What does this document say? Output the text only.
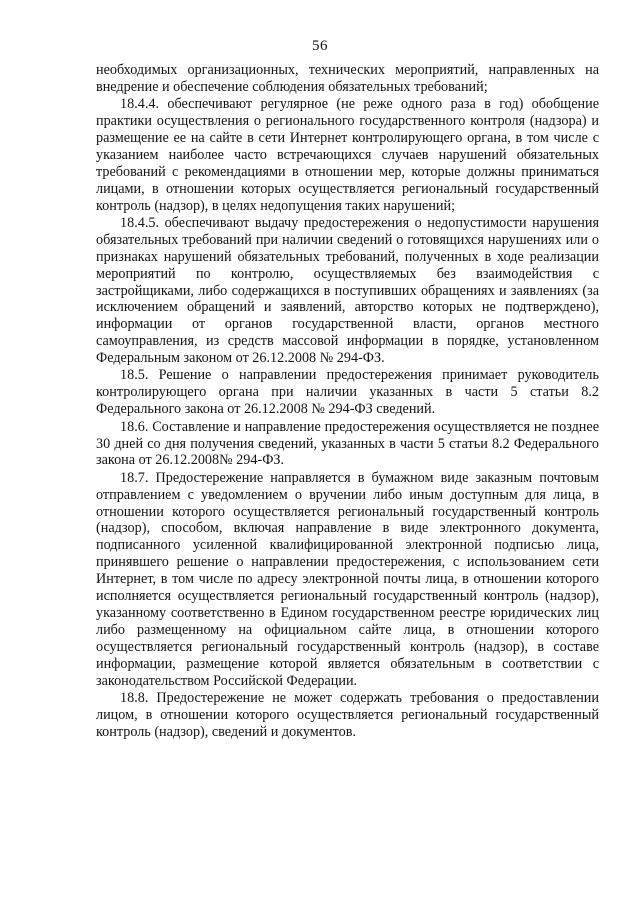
56

необходимых организационных, технических мероприятий, направленных на внедрение и обеспечение соблюдения обязательных требований;

18.4.4. обеспечивают регулярное (не реже одного раза в год) обобщение практики осуществления о регионального государственного контроля (надзора) и размещение ее на сайте в сети Интернет контролирующего органа, в том числе с указанием наиболее часто встречающихся случаев нарушений обязательных требований с рекомендациями в отношении мер, которые должны приниматься лицами, в отношении которых осуществляется региональный государственный контроль (надзор), в целях недопущения таких нарушений;

18.4.5. обеспечивают выдачу предостережения о недопустимости нарушения обязательных требований при наличии сведений о готовящихся нарушениях или о признаках нарушений обязательных требований, полученных в ходе реализации мероприятий по контролю, осуществляемых без взаимодействия с застройщиками, либо содержащихся в поступивших обращениях и заявлениях (за исключением обращений и заявлений, авторство которых не подтверждено), информации от органов государственной власти, органов местного самоуправления, из средств массовой информации в порядке, установленном Федеральным законом от 26.12.2008 № 294-ФЗ.

18.5. Решение о направлении предостережения принимает руководитель контролирующего органа при наличии указанных в части 5 статьи 8.2 Федерального закона от 26.12.2008 № 294-ФЗ сведений.

18.6. Составление и направление предостережения осуществляется не позднее 30 дней со дня получения сведений, указанных в части 5 статьи 8.2 Федерального закона от 26.12.2008№ 294-ФЗ.

18.7. Предостережение направляется в бумажном виде заказным почтовым отправлением с уведомлением о вручении либо иным доступным для лица, в отношении которого осуществляется региональный государственный контроль (надзор), способом, включая направление в виде электронного документа, подписанного усиленной квалифицированной электронной подписью лица, принявшего решение о направлении предостережения, с использованием сети Интернет, в том числе по адресу электронной почты лица, в отношении которого исполняется осуществляется региональный государственный контроль (надзор), указанному соответственно в Едином государственном реестре юридических лиц либо размещенному на официальном сайте лица, в отношении которого осуществляется региональный государственный контроль (надзор), в составе информации, размещение которой является обязательным в соответствии с законодательством Российской Федерации.

18.8. Предостережение не может содержать требования о предоставлении лицом, в отношении которого осуществляется региональный государственный контроль (надзор), сведений и документов.
